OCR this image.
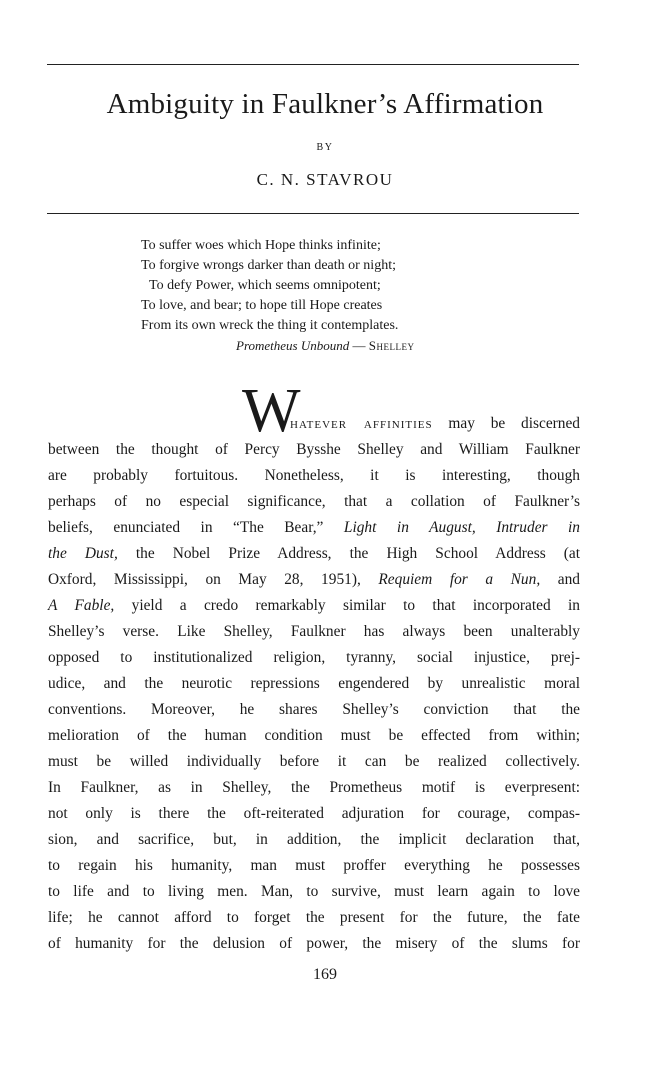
Ambiguity in Faulkner’s Affirmation
BY
C. N. STAVROU
To suffer woes which Hope thinks infinite;
To forgive wrongs darker than death or night;
To defy Power, which seems omnipotent;
To love, and bear; to hope till Hope creates
From its own wreck the thing it contemplates.
Prometheus Unbound — Shelley
W
hatever affinities may be discerned
between the thought of Percy Bysshe Shelley and William Faulkner
are probably fortuitous. Nonetheless, it is interesting, though
perhaps of no especial significance, that a collation of Faulkner’s
beliefs, enunciated in “The Bear,” Light in August, Intruder in
the Dust, the Nobel Prize Address, the High School Address (at
Oxford, Mississippi, on May 28, 1951), Requiem for a Nun, and
A Fable, yield a credo remarkably similar to that incorporated in
Shelley’s verse. Like Shelley, Faulkner has always been unalterably
opposed to institutionalized religion, tyranny, social injustice, prej-
udice, and the neurotic repressions engendered by unrealistic moral
conventions. Moreover, he shares Shelley’s conviction that the
melioration of the human condition must be effected from within;
must be willed individually before it can be realized collectively.
In Faulkner, as in Shelley, the Prometheus motif is everpresent:
not only is there the oft-reiterated adjuration for courage, compas-
sion, and sacrifice, but, in addition, the implicit declaration that,
to regain his humanity, man must proffer everything he possesses
to life and to living men. Man, to survive, must learn again to love
life; he cannot afford to forget the present for the future, the fate
of humanity for the delusion of power, the misery of the slums for
169
